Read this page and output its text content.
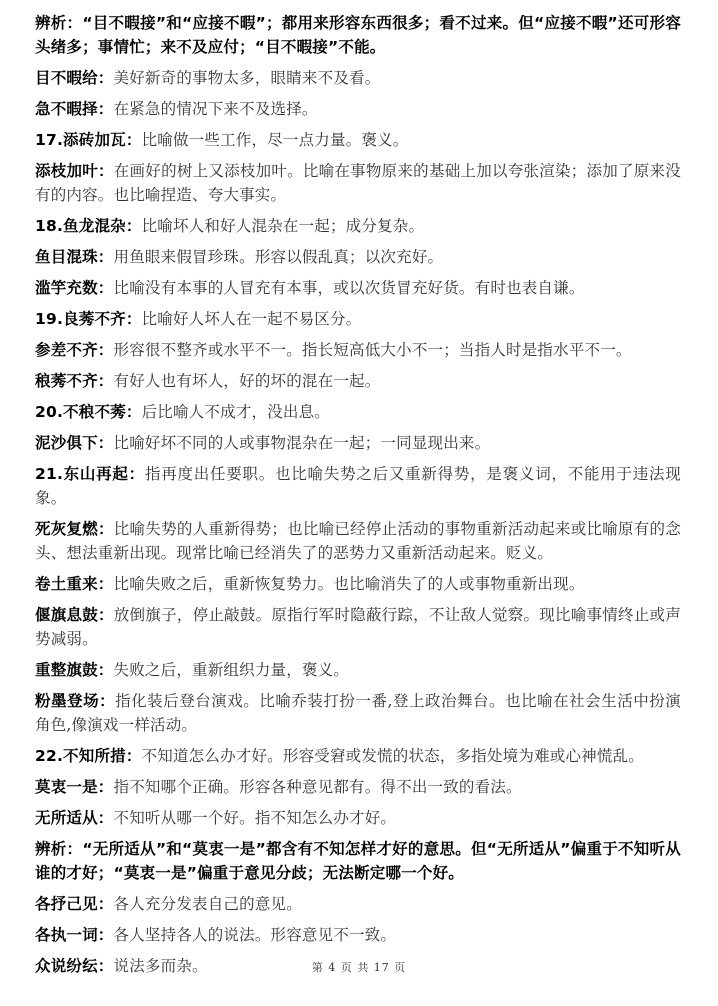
辨析：“目不暇接”和“应接不暇”；都用来形容东西很多；看不过来。但“应接不暇”还可形容头绪多；事情忙；来不及应付；“目不暇接”不能。

目不暇给：美好新奇的事物太多，眼睛来不及看。

急不暇择：在紧急的情况下来不及选择。

17.添砖加瓦：比喻做一些工作，尽一点力量。褒义。

添枝加叶：在画好的树上又添枝加叶。比喻在事物原来的基础上加以夸张渲染；添加了原来没有的内容。也比喻捏造、夸大事实。

18.鱼龙混杂：比喻坏人和好人混杂在一起；成分复杂。

鱼目混珠：用鱼眼来假冒珍珠。形容以假乱真；以次充好。

滥竽充数：比喻没有本事的人冒充有本事，或以次货冒充好货。有时也表自谦。

19.良莠不齐：比喻好人坏人在一起不易区分。

参差不齐：形容很不整齐或水平不一。指长短高低大小不一；当指人时是指水平不一。

稂莠不齐：有好人也有坏人，好的坏的混在一起。

20.不稂不莠：后比喻人不成才，没出息。

泥沙俱下：比喻好坏不同的人或事物混杂在一起；一同显现出来。

21.东山再起：指再度出任要职。也比喻失势之后又重新得势，是褒义词，不能用于违法现象。

死灰复燃：比喻失势的人重新得势；也比喻已经停止活动的事物重新活动起来或比喻原有的念头、想法重新出现。现常比喻已经消失了的恶势力又重新活动起来。贬义。

卷土重来：比喻失败之后，重新恢复势力。也比喻消失了的人或事物重新出现。

偃旗息鼓：放倒旗子，停止敲鼓。原指行军时隐蔽行踪，不让敌人觉察。现比喻事情终止或声势减弱。

重整旗鼓：失败之后，重新组织力量，褒义。

粉墨登场：指化装后登台演戏。比喻乔装打扮一番,登上政治舞台。也比喻在社会生活中扮演角色,像演戏一样活动。

22.不知所措：不知道怎么办才好。形容受窘或发慌的状态，多指处境为难或心神慌乱。

莫衷一是：指不知哪个正确。形容各种意见都有。得不出一致的看法。

无所适从：不知听从哪一个好。指不知怎么办才好。

辨析：“无所适从”和“莫衷一是”都含有不知怎样才好的意思。但“无所适从”偏重于不知听从谁的才好；“莫衷一是”偏重于意见分歧；无法断定哪一个好。

各抒己见：各人充分发表自己的意见。

各执一词：各人坚持各人的说法。形容意见不一致。

众说纷纭：说法多而杂。	第 4 页 共 17 页
